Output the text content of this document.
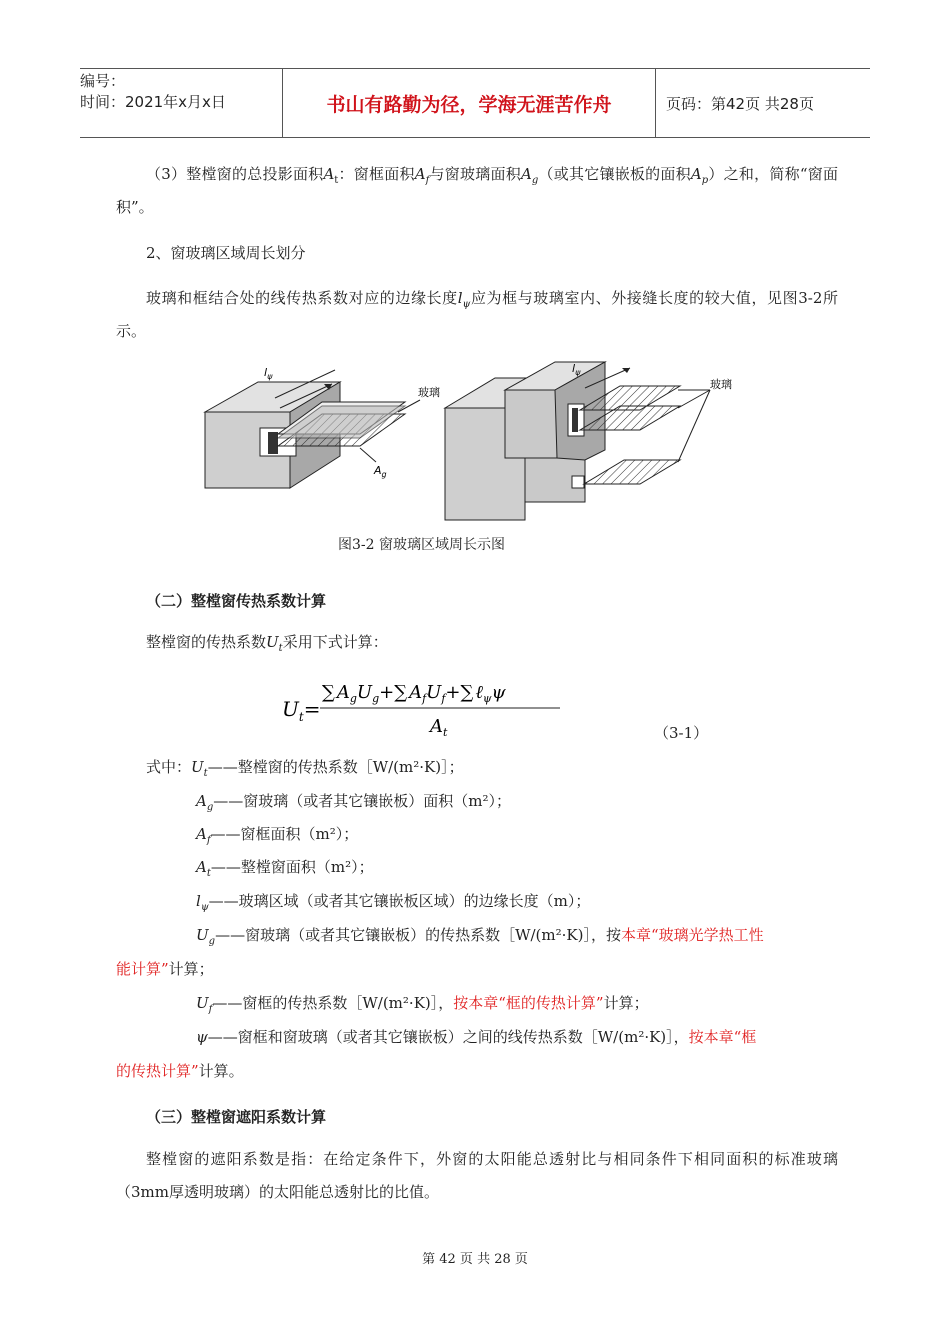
编号：
时间：2021年x月x日	书山有路勤为径，学海无涯苦作舟	页码：第42页 共28页
（3）整樘窗的总投影面积$A_t$：窗框面积$A_f$与窗玻璃面积$A_g$（或其它镶嵌板的面积$A_p$）之和，简称“窗面积”。
2、窗玻璃区域周长划分
玻璃和框结合处的线传热系数对应的边缘长度$l_\psi$应为框与玻璃室内、外接缝长度的较大值，见图3-2所示。
$l_\psi$
玻璃
$A_g$
$l_\psi$
玻璃
图3-2 窗玻璃区域周长示图
（二）整樘窗传热系数计算
整樘窗的传热系数$U_t$采用下式计算：
$U_t=$
∑ $A_gU_g+\sum$ $A_fU_f+\sum$ ℓ$_\psi$ψ
$A_t$	（3-1）
式中：$U_t——$整樘窗的传热系数［W/(m²·K)］；
$A_g——$窗玻璃（或者其它镶嵌板）面积（m²）；
$A_f——$窗框面积（m²）；
$A_t——$整樘窗面积（m²）；
$l_\psi——$玻璃区域（或者其它镶嵌板区域）的边缘长度（m）；
$U_g——$窗玻璃（或者其它镶嵌板）的传热系数［W/(m²·K)］，按本章“玻璃光学热工性
能计算”计算；
$U_f——$窗框的传热系数［W/(m²·K)］，按本章“框的传热计算”计算；
ψ——窗框和窗玻璃（或者其它镶嵌板）之间的线传热系数［W/(m²·K)］，按本章“框
的传热计算”计算。
（三）整樘窗遮阳系数计算
整樘窗的遮阳系数是指：在给定条件下，外窗的太阳能总透射比与相同条件下相同面积的标准玻璃（3mm厚透明玻璃）的太阳能总透射比的比值。
第 42 页 共 28 页
